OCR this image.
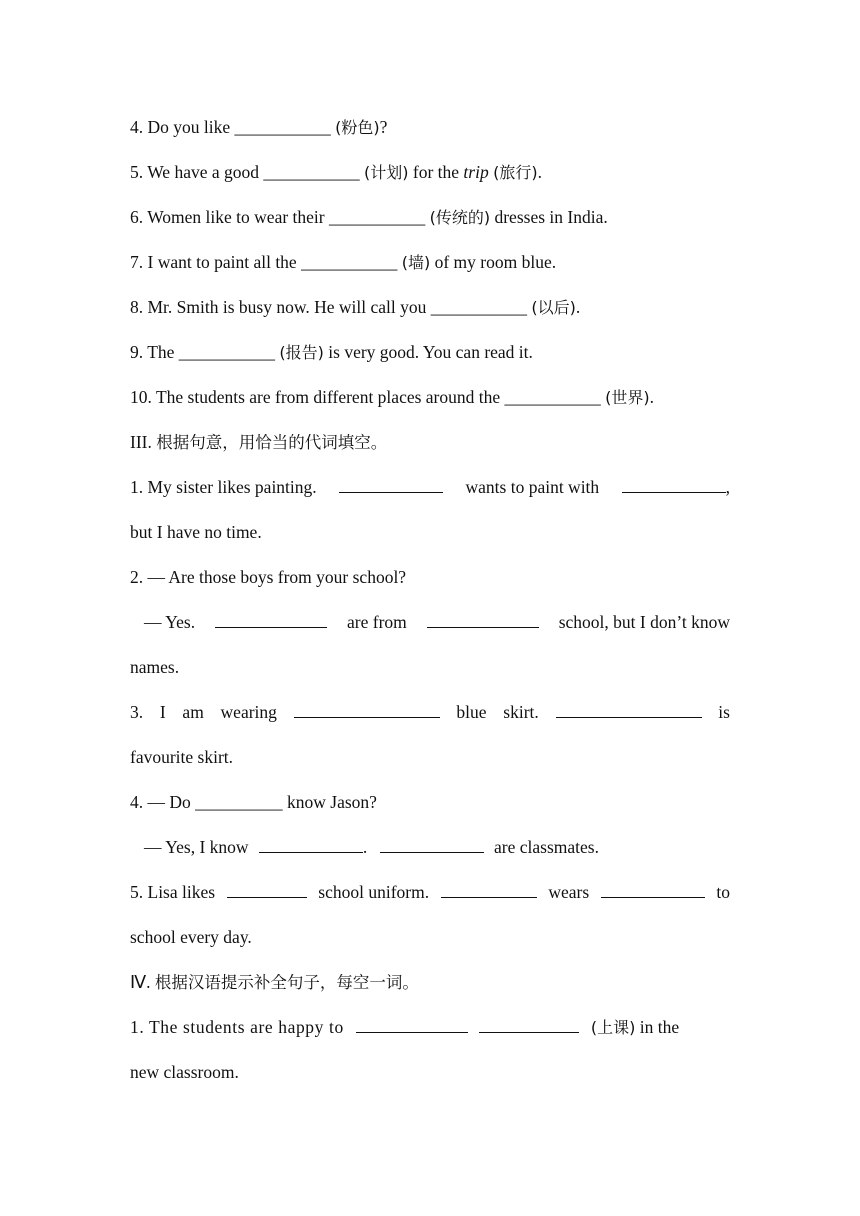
4. Do you like ___________ (粉色)?
5. We have a good ___________ (计划) for the trip (旅行).
6. Women like to wear their ___________ (传统的) dresses in India.
7. I want to paint all the ___________ (墙) of my room blue.
8. Mr. Smith is busy now. He will call you ___________ (以后).
9. The ___________ (报告) is very good. You can read it.
10. The students are from different places around the ___________ (世界).
III. 根据句意，用恰当的代词填空。
1. My sister likes painting.	wants to paint with	,
but I have no time.
2. — Are those boys from your school?
— Yes.	are from	school, but I don’t know
names.
3. I am wearing	blue skirt.	is
favourite skirt.
4. — Do __________ know Jason?
— Yes, I know	.	are classmates.
5. Lisa likes	school uniform.	wears	to
school every day.
Ⅳ. 根据汉语提示补全句子，每空一词。
1. The students are happy to	(上课) in the
new classroom.
